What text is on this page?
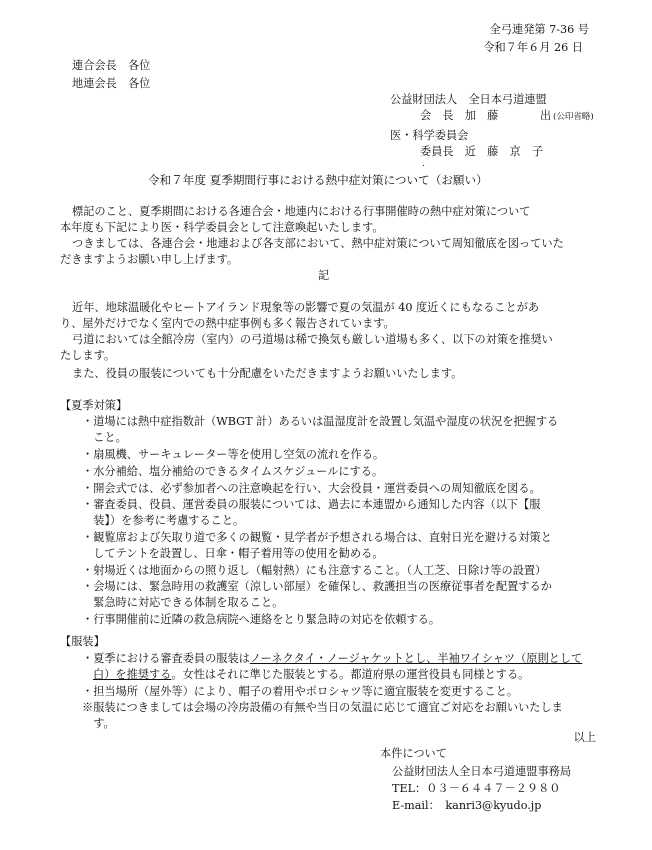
全弓連発第 7-36 号
令和７年６月 26 日
連合会長　各位
地連会長　各位
公益財団法人　全日本弓道連盟
会　長　加　藤	出 (公印省略)
医・科学委員会
委員長　近　藤　京　子
.
令和７年度 夏季期間行事における熱中症対策について（お願い）
標記のこと、夏季期間における各連合会・地連内における行事開催時の熱中症対策について
本年度も下記により医・科学委員会として注意喚起いたします。
つきましては、各連合会・地連および各支部において、熱中症対策について周知徹底を図っていた
だきますようお願い申し上げます。
記
近年、地球温暖化やヒートアイランド現象等の影響で夏の気温が 40 度近くにもなることがあ
り、屋外だけでなく室内での熱中症事例も多く報告されています。
弓道においては全館冷房（室内）の弓道場は稀で換気も厳しい道場も多く、以下の対策を推奨い
たします。
また、役員の服装についても十分配慮をいただきますようお願いいたします。
【夏季対策】
・道場には熱中症指数計（WBGT 計）あるいは温湿度計を設置し気温や湿度の状況を把握する
　こと。
・扇風機、サーキュレーター等を使用し空気の流れを作る。
・水分補給、塩分補給のできるタイムスケジュールにする。
・開会式では、必ず参加者への注意喚起を行い、大会役員・運営委員への周知徹底を図る。
・審査委員、役員、運営委員の服装については、過去に本連盟から通知した内容（以下【服
　装】）を参考に考慮すること。
・観覧席および矢取り道で多くの観覧・見学者が予想される場合は、直射日光を避ける対策と
　してテントを設置し、日傘・帽子着用等の使用を勧める。
・射場近くは地面からの照り返し（輻射熱）にも注意すること。（人工芝、日除け等の設置）
・会場には、緊急時用の救護室（涼しい部屋）を確保し、救護担当の医療従事者を配置するか
　緊急時に対応できる体制を取ること。
・行事開催前に近隣の救急病院へ連絡をとり緊急時の対応を依頼する。
【服装】
・夏季における審査委員の服装はノーネクタイ・ノージャケットとし、半袖ワイシャツ（原則として
白）を推奨する。女性はそれに準じた服装とする。都道府県の運営役員も同様とする。
・担当場所（屋外等）により、帽子の着用やポロシャツ等に適宜服装を変更すること。
※服装につきましては会場の冷房設備の有無や当日の気温に応じて適宜ご対応をお願いいたしま
　す。
以上
本件について
公益財団法人全日本弓道連盟事務局
TEL：０３－６４４７－２９８０
E-mail：　kanri3@kyudo.jp
